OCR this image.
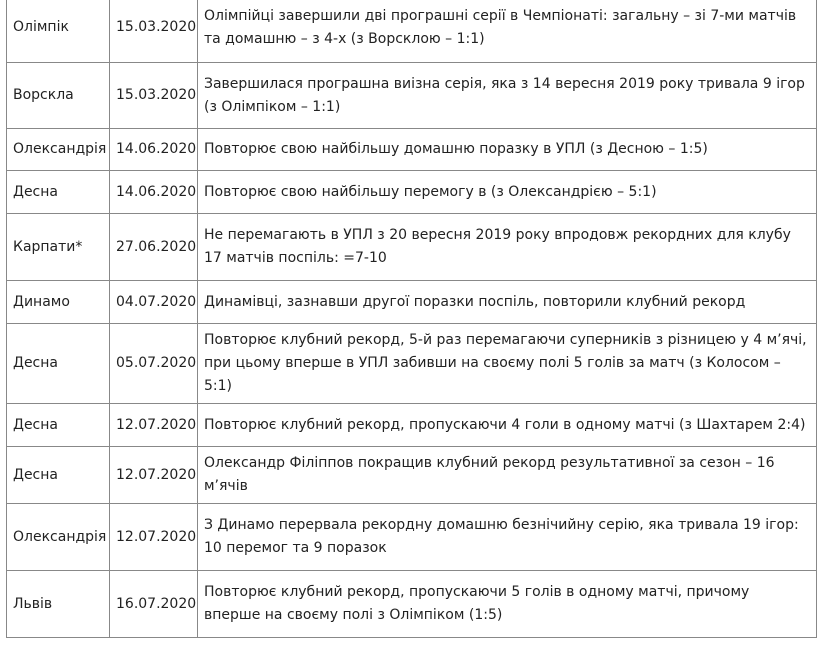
Олімпік	15.03.2020	Олімпійці завершили дві програшні серії в Чемпіонаті: загальну – зі 7-ми матчів та домашню – з 4-х (з Ворсклою – 1:1)
Ворскла	15.03.2020	Завершилася програшна виізна серія, яка з 14 вересня 2019 року тривала 9 ігор (з Олімпіком – 1:1)
Олександрія	14.06.2020	Повторює свою найбільшу домашню поразку в УПЛ (з Десною – 1:5)
Десна	14.06.2020	Повторює свою найбільшу перемогу в (з Олександрією – 5:1)
Карпати*	27.06.2020	Не перемагають в УПЛ з 20 вересня 2019 року впродовж рекордних для клубу 17 матчів поспіль: =7-10
Динамо	04.07.2020	Динамівці, зазнавши другої поразки поспіль, повторили клубний рекорд
Десна	05.07.2020	Повторює клубний рекорд, 5-й раз перемагаючи суперників з різницею у 4 м’ячі, при цьому вперше в УПЛ забивши на своєму полі 5 голів за матч (з Колосом – 5:1)
Десна	12.07.2020	Повторює клубний рекорд, пропускаючи 4 голи в одному матчі (з Шахтарем 2:4)
Десна	12.07.2020	Олександр Філіппов покращив клубний рекорд результативної за сезон – 16 м’ячів
Олександрія	12.07.2020	З Динамо перервала рекордну домашню безнічийну серію, яка тривала 19 ігор: 10 перемог та 9 поразок
Львів	16.07.2020	Повторює клубний рекорд, пропускаючи 5 голів в одному матчі, причому вперше на своєму полі з Олімпіком (1:5)
